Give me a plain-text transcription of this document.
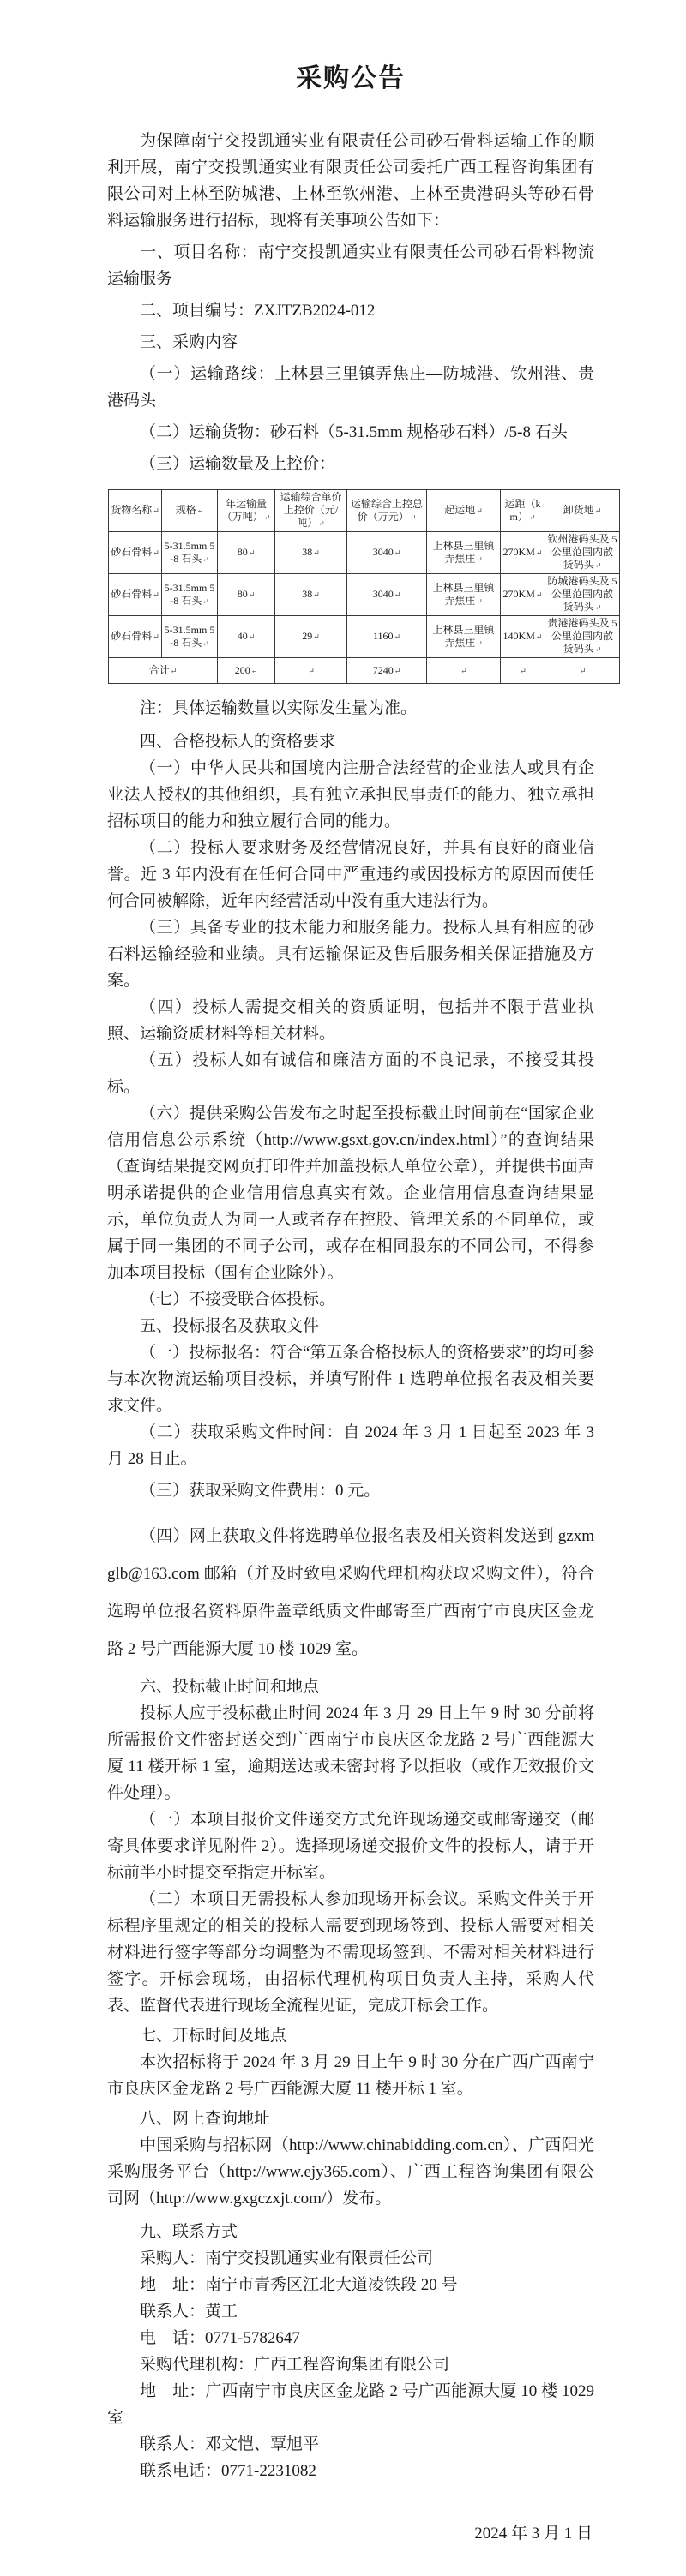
采购公告

为保障南宁交投凯通实业有限责任公司砂石骨料运输工作的顺利开展，南宁交投凯通实业有限责任公司委托广西工程咨询集团有限公司对上林至防城港、上林至钦州港、上林至贵港码头等砂石骨料运输服务进行招标，现将有关事项公告如下：

一、项目名称：南宁交投凯通实业有限责任公司砂石骨料物流运输服务

二、项目编号：ZXJTZB2024-012

三、采购内容

（一）运输路线：上林县三里镇弄焦庄—防城港、钦州港、贵港码头

（二）运输货物：砂石料（5-31.5mm 规格砂石料）/5-8 石头

（三）运输数量及上控价：

货物名称 ↵	规格 ↵	年运输量（万吨） ↵	运输综合单价上控价（元/吨） ↵	运输综合上控总价（万元） ↵	起运地 ↵	运距（km） ↵	卸货地 ↵
砂石骨料 ↵	5-31.5mm 5-8 石头 ↵	80 ↵	38 ↵	3040 ↵	上林县三里镇弄焦庄 ↵	270KM ↵	钦州港码头及 5 公里范围内散货码头 ↵
砂石骨料 ↵	5-31.5mm 5-8 石头 ↵	80 ↵	38 ↵	3040 ↵	上林县三里镇弄焦庄 ↵	270KM ↵	防城港码头及 5 公里范围内散货码头 ↵
砂石骨料 ↵	5-31.5mm 5-8 石头 ↵	40 ↵	29 ↵	1160 ↵	上林县三里镇弄焦庄 ↵	140KM ↵	贵港港码头及 5 公里范围内散货码头 ↵
合计 ↵		200 ↵	↵	7240 ↵	↵	↵	↵

注：具体运输数量以实际发生量为准。

四、合格投标人的资格要求

（一）中华人民共和国境内注册合法经营的企业法人或具有企业法人授权的其他组织，具有独立承担民事责任的能力、独立承担招标项目的能力和独立履行合同的能力。

（二）投标人要求财务及经营情况良好，并具有良好的商业信誉。近 3 年内没有在任何合同中严重违约或因投标方的原因而使任何合同被解除，近年内经营活动中没有重大违法行为。

（三）具备专业的技术能力和服务能力。投标人具有相应的砂石料运输经验和业绩。具有运输保证及售后服务相关保证措施及方案。

（四）投标人需提交相关的资质证明，包括并不限于营业执照、运输资质材料等相关材料。

（五）投标人如有诚信和廉洁方面的不良记录，不接受其投标。

（六）提供采购公告发布之时起至投标截止时间前在“国家企业信用信息公示系统（http://www.gsxt.gov.cn/index.html）”的查询结果（查询结果提交网页打印件并加盖投标人单位公章），并提供书面声明承诺提供的企业信用信息真实有效。企业信用信息查询结果显示，单位负责人为同一人或者存在控股、管理关系的不同单位，或属于同一集团的不同子公司，或存在相同股东的不同公司，不得参加本项目投标（国有企业除外）。

（七）不接受联合体投标。

五、投标报名及获取文件

（一）投标报名：符合“第五条合格投标人的资格要求”的均可参与本次物流运输项目投标，并填写附件 1 选聘单位报名表及相关要求文件。

（二）获取采购文件时间：自 2024 年 3 月 1 日起至 2023 年 3 月 28 日止。

（三）获取采购文件费用：0 元。

（四）网上获取文件将选聘单位报名表及相关资料发送到 gzxmglb@163.com 邮箱（并及时致电采购代理机构获取采购文件），符合选聘单位报名资料原件盖章纸质文件邮寄至广西南宁市良庆区金龙路 2 号广西能源大厦 10 楼 1029 室。

六、投标截止时间和地点

投标人应于投标截止时间 2024 年 3 月 29 日上午 9 时 30 分前将所需报价文件密封送交到广西南宁市良庆区金龙路 2 号广西能源大厦 11 楼开标 1 室，逾期送达或未密封将予以拒收（或作无效报价文件处理）。

（一）本项目报价文件递交方式允许现场递交或邮寄递交（邮寄具体要求详见附件 2）。选择现场递交报价文件的投标人，请于开标前半小时提交至指定开标室。

（二）本项目无需投标人参加现场开标会议。采购文件关于开标程序里规定的相关的投标人需要到现场签到、投标人需要对相关材料进行签字等部分均调整为不需现场签到、不需对相关材料进行签字。开标会现场，由招标代理机构项目负责人主持，采购人代表、监督代表进行现场全流程见证，完成开标会工作。

七、开标时间及地点

本次招标将于 2024 年 3 月 29 日上午 9 时 30 分在广西广西南宁市良庆区金龙路 2 号广西能源大厦 11 楼开标 1 室。

八、网上查询地址

中国采购与招标网（http://www.chinabidding.com.cn）、广西阳光采购服务平台（http://www.ejy365.com）、广西工程咨询集团有限公司网（http://www.gxgczxjt.com/）发布。

九、联系方式

采购人：南宁交投凯通实业有限责任公司

地　址：南宁市青秀区江北大道凌铁段 20 号

联系人：黄工

电　话：0771-5782647

采购代理机构：广西工程咨询集团有限公司

地　址：广西南宁市良庆区金龙路 2 号广西能源大厦 10 楼 1029 室

联系人：邓文恺、覃旭平

联系电话：0771-2231082

2024 年 3 月 1 日
